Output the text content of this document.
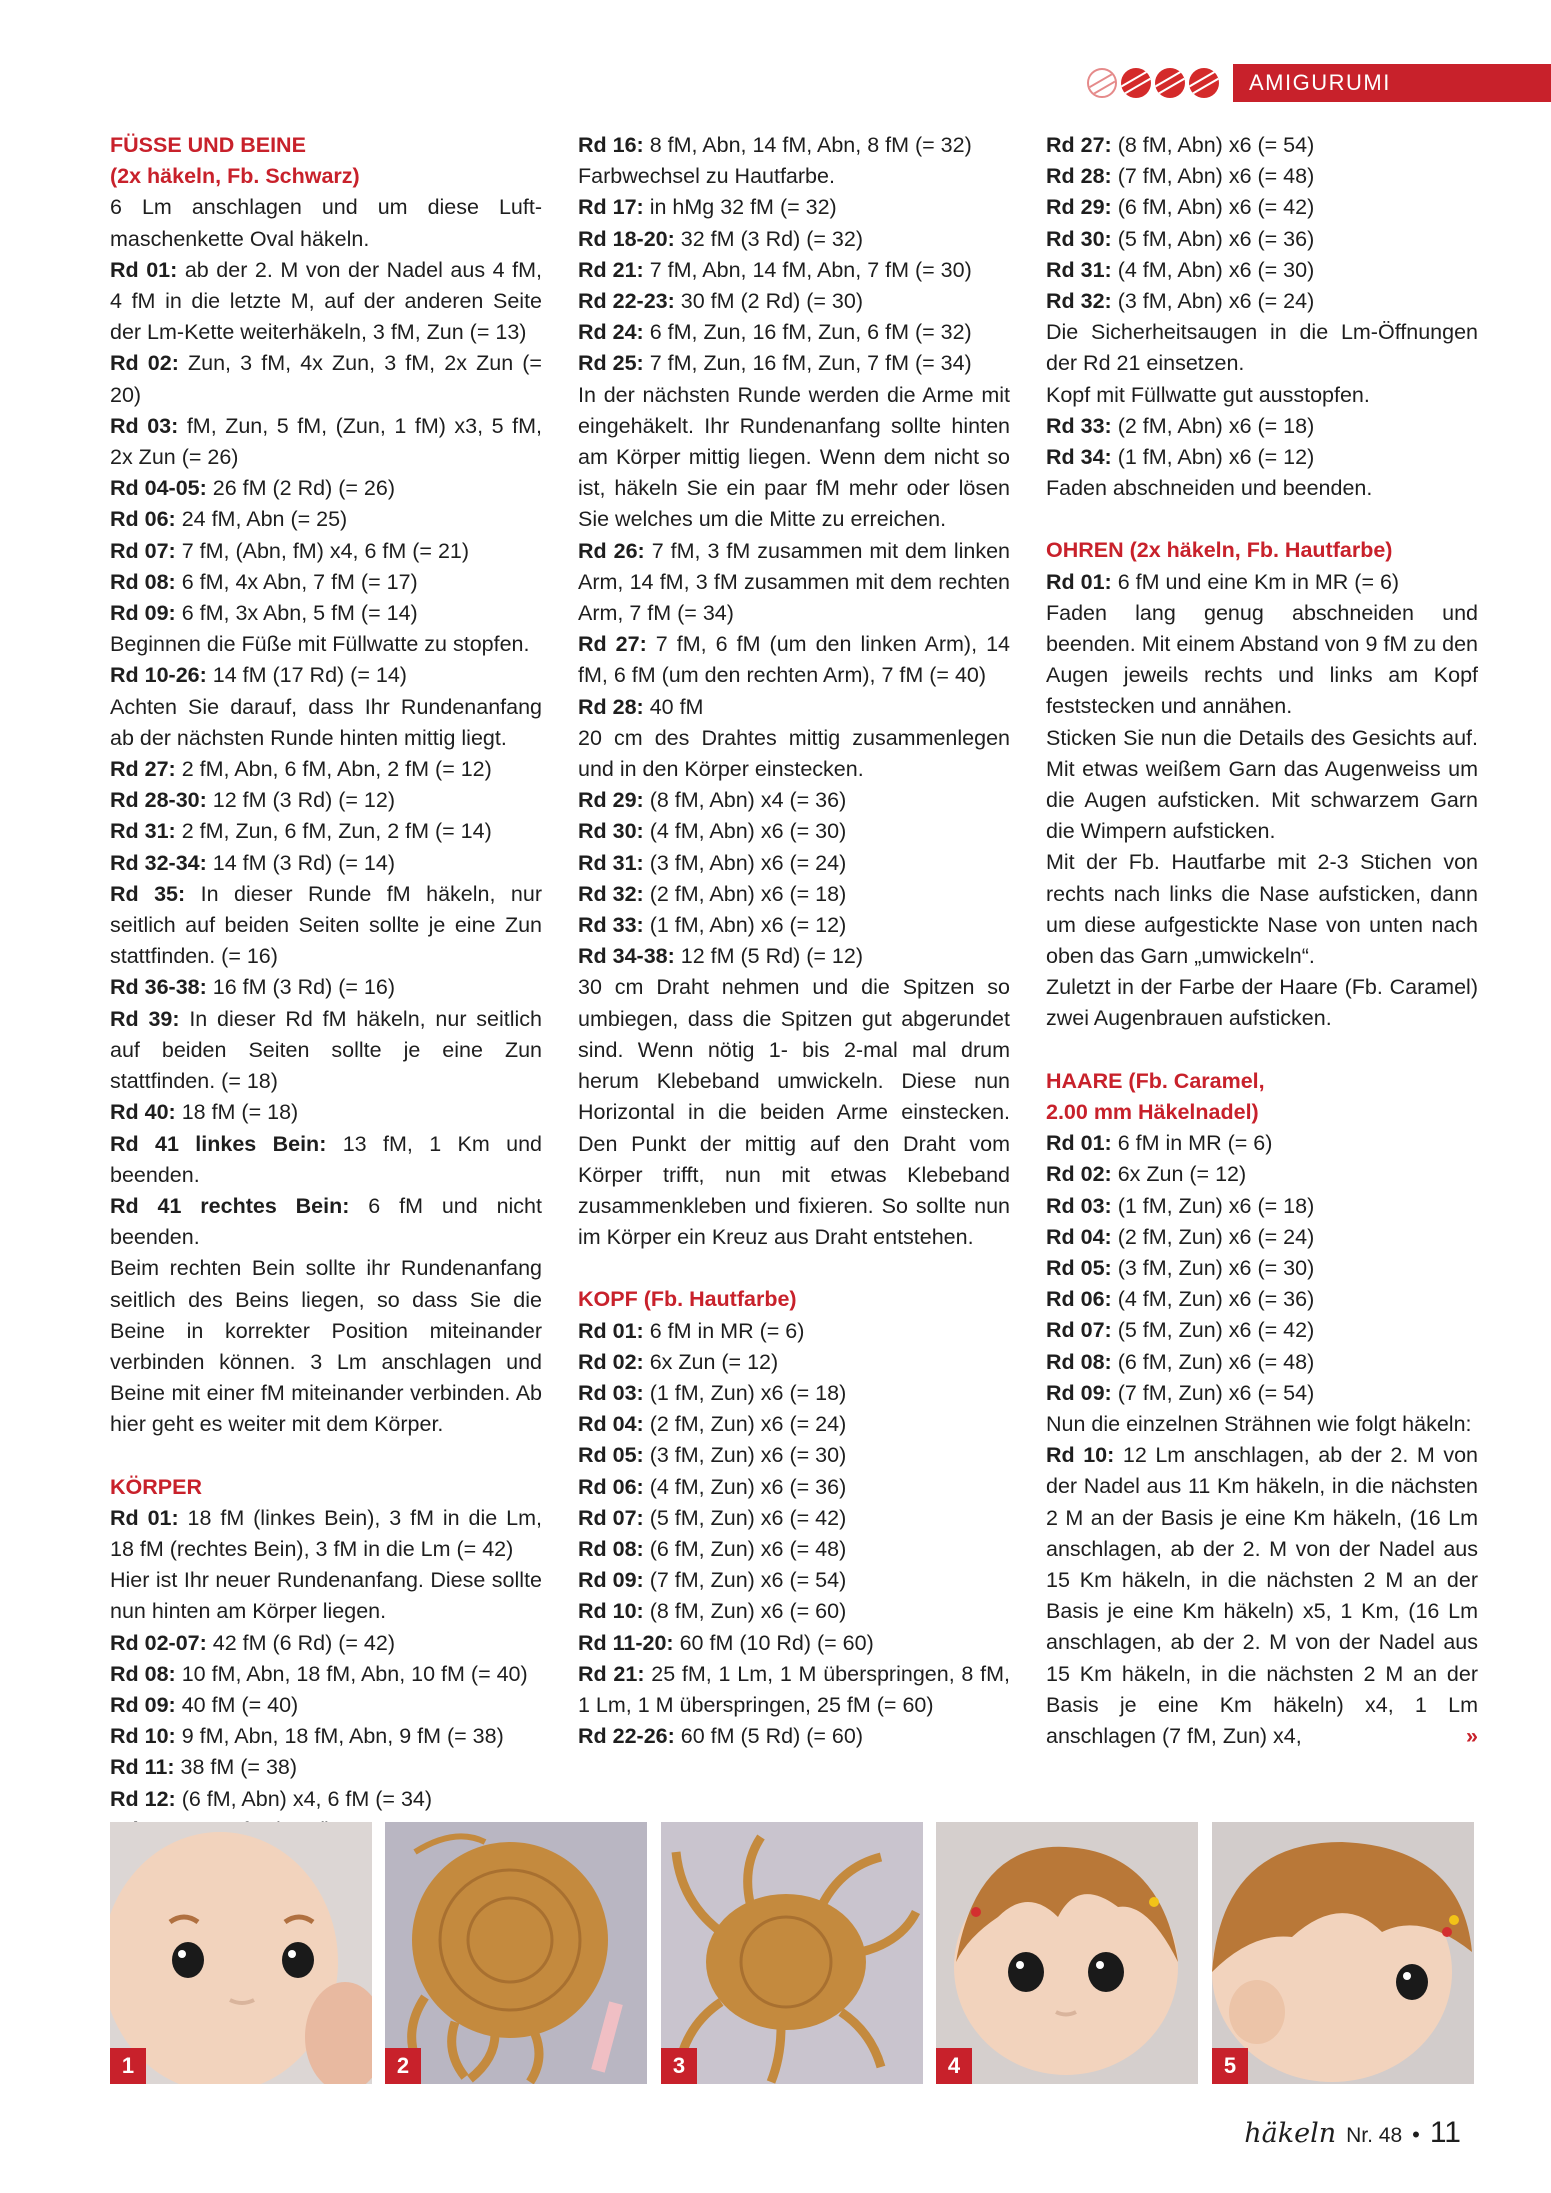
AMIGURUMI

FÜSSE UND BEINE

(2x häkeln, Fb. Schwarz)

6 Lm anschlagen und um diese Luft-maschenkette Oval häkeln.

Rd 01: ab der 2. M von der Nadel aus 4 fM, 4 fM in die letzte M, auf der anderen Seite der Lm-Kette weiterhäkeln, 3 fM, Zun (= 13)

Rd 02: Zun, 3 fM, 4x Zun, 3 fM, 2x Zun (= 20)

Rd 03: fM, Zun, 5 fM, (Zun, 1 fM) x3, 5 fM, 2x Zun (= 26)

Rd 04-05: 26 fM (2 Rd) (= 26)

Rd 06: 24 fM, Abn (= 25)

Rd 07: 7 fM, (Abn, fM) x4, 6 fM (= 21)

Rd 08: 6 fM, 4x Abn, 7 fM (= 17)

Rd 09: 6 fM, 3x Abn, 5 fM (= 14)

Beginnen die Füße mit Füllwatte zu stopfen.

Rd 10-26: 14 fM (17 Rd) (= 14)

Achten Sie darauf, dass Ihr Rundenanfang ab der nächsten Runde hinten mittig liegt.

Rd 27: 2 fM, Abn, 6 fM, Abn, 2 fM (= 12)

Rd 28-30: 12 fM (3 Rd) (= 12)

Rd 31: 2 fM, Zun, 6 fM, Zun, 2 fM (= 14)

Rd 32-34: 14 fM (3 Rd) (= 14)

Rd 35: In dieser Runde fM häkeln, nur seitlich auf beiden Seiten sollte je eine Zun stattfinden. (= 16)

Rd 36-38: 16 fM (3 Rd) (= 16)

Rd 39: In dieser Rd fM häkeln, nur seitlich auf beiden Seiten sollte je eine Zun stattfinden. (= 18)

Rd 40: 18 fM (= 18)

Rd 41 linkes Bein: 13 fM, 1 Km und beenden.

Rd 41 rechtes Bein: 6 fM und nicht beenden.

Beim rechten Bein sollte ihr Rundenanfang seitlich des Beins liegen, so dass Sie die Beine in korrekter Position miteinander verbinden können. 3 Lm anschlagen und Beine mit einer fM miteinander verbinden. Ab hier geht es weiter mit dem Körper.

KÖRPER

Rd 01: 18 fM (linkes Bein), 3 fM in die Lm, 18 fM (rechtes Bein), 3 fM in die Lm (= 42)

Hier ist Ihr neuer Rundenanfang. Diese sollte nun hinten am Körper liegen.

Rd 02-07: 42 fM (6 Rd) (= 42)

Rd 08: 10 fM, Abn, 18 fM, Abn, 10 fM (= 40)

Rd 09: 40 fM (= 40)

Rd 10: 9 fM, Abn, 18 fM, Abn, 9 fM (= 38)

Rd 11: 38 fM (= 38)

Rd 12: (6 fM, Abn) x4, 6 fM (= 34)

Rd 16: 8 fM, Abn, 14 fM, Abn, 8 fM (= 32)

Farbwechsel zu Hautfarbe.

Rd 17: in hMg 32 fM (= 32)

Rd 18-20: 32 fM (3 Rd) (= 32)

Rd 21: 7 fM, Abn, 14 fM, Abn, 7 fM (= 30)

Rd 22-23: 30 fM (2 Rd) (= 30)

Rd 24: 6 fM, Zun, 16 fM, Zun, 6 fM (= 32)

Rd 25: 7 fM, Zun, 16 fM, Zun, 7 fM (= 34)

In der nächsten Runde werden die Arme mit eingehäkelt. Ihr Rundenanfang sollte hinten am Körper mittig liegen. Wenn dem nicht so ist, häkeln Sie ein paar fM mehr oder lösen Sie welches um die Mitte zu erreichen.

Rd 26: 7 fM, 3 fM zusammen mit dem linken Arm, 14 fM, 3 fM zusammen mit dem rechten Arm, 7 fM (= 34)

Rd 27: 7 fM, 6 fM (um den linken Arm), 14 fM, 6 fM (um den rechten Arm), 7 fM (= 40)

Rd 28: 40 fM

20 cm des Drahtes mittig zusammenlegen und in den Körper einstecken.

Rd 29: (8 fM, Abn) x4 (= 36)

Rd 30: (4 fM, Abn) x6 (= 30)

Rd 31: (3 fM, Abn) x6 (= 24)

Rd 32: (2 fM, Abn) x6 (= 18)

Rd 33: (1 fM, Abn) x6 (= 12)

Rd 34-38: 12 fM (5 Rd) (= 12)

30 cm Draht nehmen und die Spitzen so umbiegen, dass die Spitzen gut abgerundet sind. Wenn nötig 1- bis 2-mal mal drum herum Klebeband umwickeln. Diese nun Horizontal in die beiden Arme einstecken. Den Punkt der mittig auf den Draht vom Körper trifft, nun mit etwas Klebeband zusammenkleben und fixieren. So sollte nun im Körper ein Kreuz aus Draht entstehen.

KOPF (Fb. Hautfarbe)

Rd 01: 6 fM in MR (= 6)

Rd 02: 6x Zun (= 12)

Rd 03: (1 fM, Zun) x6 (= 18)

Rd 04: (2 fM, Zun) x6 (= 24)

Rd 05: (3 fM, Zun) x6 (= 30)

Rd 06: (4 fM, Zun) x6 (= 36)

Rd 07: (5 fM, Zun) x6 (= 42)

Rd 08: (6 fM, Zun) x6 (= 48)

Rd 09: (7 fM, Zun) x6 (= 54)

Rd 10: (8 fM, Zun) x6 (= 60)

Rd 11-20: 60 fM (10 Rd) (= 60)

Rd 21: 25 fM, 1 Lm, 1 M überspringen, 8 fM, 1 Lm, 1 M überspringen, 25 fM (= 60)

Rd 22-26: 60 fM (5 Rd) (= 60)

Rd 27: (8 fM, Abn) x6 (= 54)

Rd 28: (7 fM, Abn) x6 (= 48)

Rd 29: (6 fM, Abn) x6 (= 42)

Rd 30: (5 fM, Abn) x6 (= 36)

Rd 31: (4 fM, Abn) x6 (= 30)

Rd 32: (3 fM, Abn) x6 (= 24)

Die Sicherheitsaugen in die Lm-Öffnungen der Rd 21 einsetzen.

Kopf mit Füllwatte gut ausstopfen.

Rd 33: (2 fM, Abn) x6 (= 18)

Rd 34: (1 fM, Abn) x6 (= 12)

Faden abschneiden und beenden.

OHREN (2x häkeln, Fb. Hautfarbe)

Rd 01: 6 fM und eine Km in MR (= 6)

Faden lang genug abschneiden und beenden. Mit einem Abstand von 9 fM zu den Augen jeweils rechts und links am Kopf feststecken und annähen.

Sticken Sie nun die Details des Gesichts auf. Mit etwas weißem Garn das Augenweiss um die Augen aufsticken. Mit schwarzem Garn die Wimpern aufsticken.

Mit der Fb. Hautfarbe mit 2-3 Stichen von rechts nach links die Nase aufsticken, dann um diese aufgestickte Nase von unten nach oben das Garn „umwickeln“.

Zuletzt in der Farbe der Haare (Fb. Caramel) zwei Augenbrauen aufsticken.

HAARE (Fb. Caramel,

2.00 mm Häkelnadel)

Rd 01: 6 fM in MR (= 6)

Rd 02: 6x Zun (= 12)

Rd 03: (1 fM, Zun) x6 (= 18)

Rd 04: (2 fM, Zun) x6 (= 24)

Rd 05: (3 fM, Zun) x6 (= 30)

Rd 06: (4 fM, Zun) x6 (= 36)

Rd 07: (5 fM, Zun) x6 (= 42)

Rd 08: (6 fM, Zun) x6 (= 48)

Rd 09: (7 fM, Zun) x6 (= 54)

Nun die einzelnen Strähnen wie folgt häkeln:

Rd 10: 12 Lm anschlagen, ab der 2. M von der Nadel aus 11 Km häkeln, in die nächsten 2 M an der Basis je eine Km häkeln, (16 Lm anschlagen, ab der 2. M von der Nadel aus 15 Km häkeln, in die nächsten 2 M an der Basis je eine Km häkeln) x5, 1 Km, (16 Lm anschlagen, ab der 2. M von der Nadel aus 15 Km häkeln, in die nächsten 2 M an der Basis je eine Km häkeln) x4, 1 Lm anschlagen (7 fM, Zun) x4,	»

1	2	3	4	5
häkeln Nr. 48 • 11
